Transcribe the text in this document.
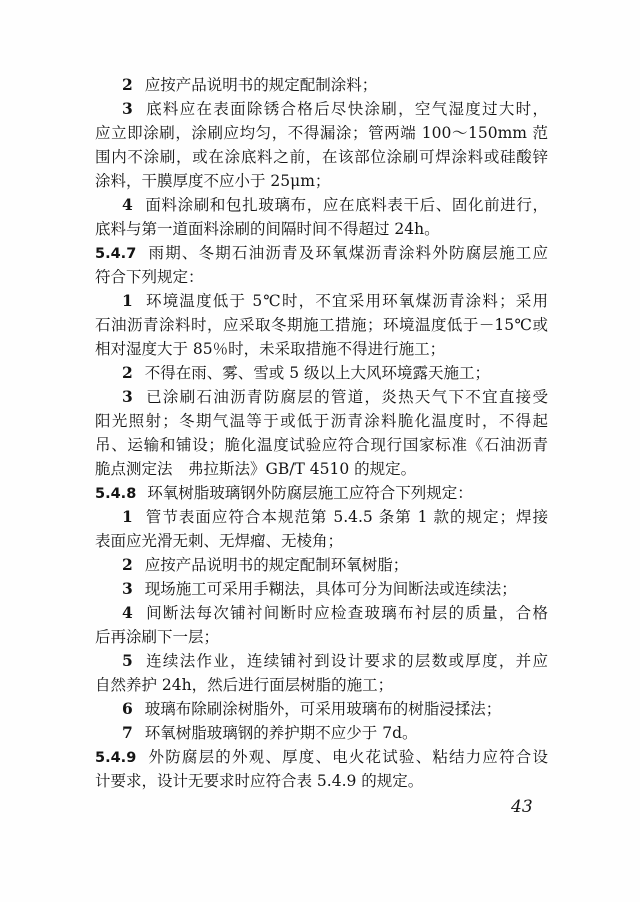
2 应按产品说明书的规定配制涂料；
3 底料应在表面除锈合格后尽快涂刷，空气湿度过大时，
应立即涂刷，涂刷应均匀，不得漏涂；管两端 100～150mm 范
围内不涂刷，或在涂底料之前，在该部位涂刷可焊涂料或硅酸锌
涂料，干膜厚度不应小于 25μm；
4 面料涂刷和包扎玻璃布，应在底料表干后、固化前进行，
底料与第一道面料涂刷的间隔时间不得超过 24h。
5.4.7 雨期、冬期石油沥青及环氧煤沥青涂料外防腐层施工应
符合下列规定：
1 环境温度低于 5℃时，不宜采用环氧煤沥青涂料；采用
石油沥青涂料时，应采取冬期施工措施；环境温度低于－15℃或
相对湿度大于 85％时，未采取措施不得进行施工；
2 不得在雨、雾、雪或 5 级以上大风环境露天施工；
3 已涂刷石油沥青防腐层的管道，炎热天气下不宜直接受
阳光照射；冬期气温等于或低于沥青涂料脆化温度时，不得起
吊、运输和铺设；脆化温度试验应符合现行国家标准《石油沥青
脆点测定法　弗拉斯法》GB/T 4510 的规定。
5.4.8 环氧树脂玻璃钢外防腐层施工应符合下列规定：
1 管节表面应符合本规范第 5.4.5 条第 1 款的规定；焊接
表面应光滑无刺、无焊瘤、无棱角；
2 应按产品说明书的规定配制环氧树脂；
3 现场施工可采用手糊法，具体可分为间断法或连续法；
4 间断法每次铺衬间断时应检查玻璃布衬层的质量，合格
后再涂刷下一层；
5 连续法作业，连续铺衬到设计要求的层数或厚度，并应
自然养护 24h，然后进行面层树脂的施工；
6 玻璃布除刷涂树脂外，可采用玻璃布的树脂浸揉法；
7 环氧树脂玻璃钢的养护期不应少于 7d。
5.4.9 外防腐层的外观、厚度、电火花试验、粘结力应符合设
计要求，设计无要求时应符合表 5.4.9 的规定。
43
